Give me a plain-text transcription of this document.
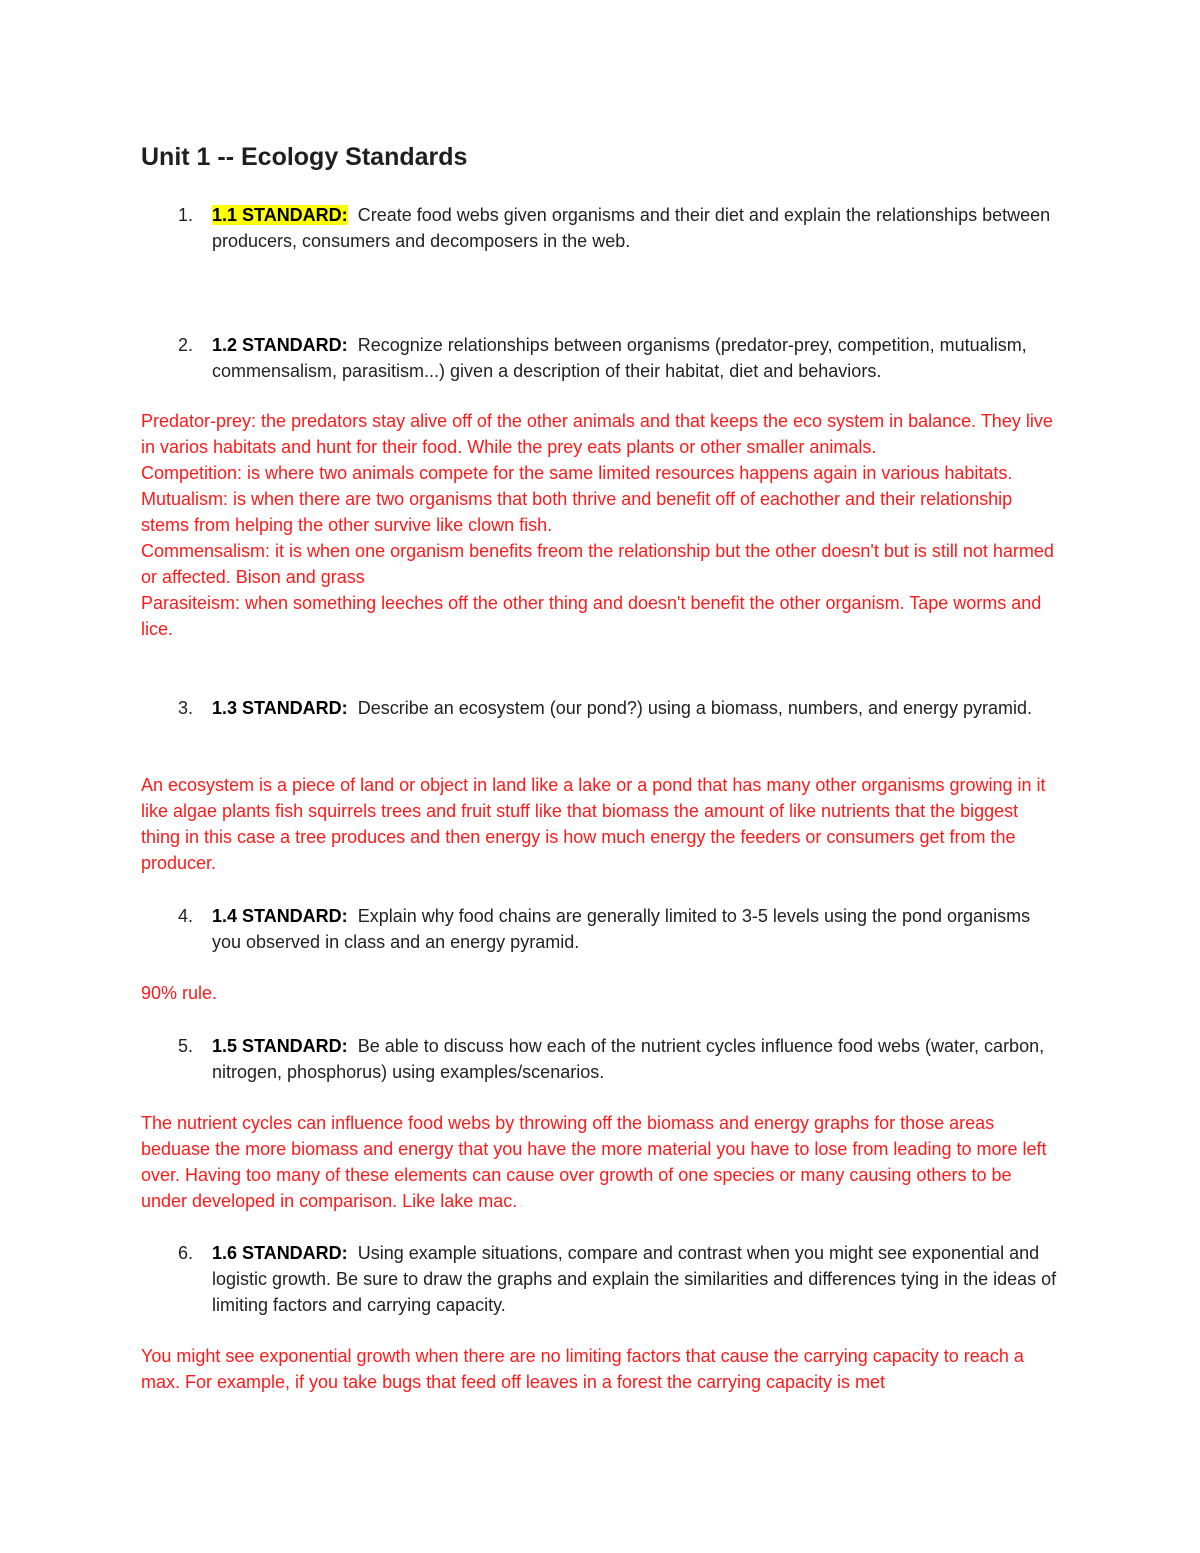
Unit 1 -- Ecology Standards
1. 1.1 STANDARD: Create food webs given organisms and their diet and explain the relationships between producers, consumers and decomposers in the web.
2. 1.2 STANDARD: Recognize relationships between organisms (predator-prey, competition, mutualism, commensalism, parasitism...) given a description of their habitat, diet and behaviors.
Predator-prey: the predators stay alive off of the other animals and that keeps the eco system in balance. They live in varios habitats and hunt for their food. While the prey eats plants or other smaller animals.
Competition: is where two animals compete for the same limited resources happens again in various habitats.
Mutualism: is when there are two organisms that both thrive and benefit off of eachother and their relationship stems from helping the other survive like clown fish.
Commensalism: it is when one organism benefits freom the relationship but the other doesn't but is still not harmed or affected. Bison and grass
Parasiteism: when something leeches off the other thing and doesn't benefit the other organism. Tape worms and lice.
3. 1.3 STANDARD: Describe an ecosystem (our pond?) using a biomass, numbers, and energy pyramid.

An ecosystem is a piece of land or object in land like a lake or a pond that has many other organisms growing in it like algae plants fish squirrels trees and fruit stuff like that biomass the amount of like nutrients that the biggest thing in this case a tree produces and then energy is how much energy the feeders or consumers get from the producer.

4. 1.4 STANDARD: Explain why food chains are generally limited to 3-5 levels using the pond organisms you observed in class and an energy pyramid.

90% rule.

5. 1.5 STANDARD: Be able to discuss how each of the nutrient cycles influence food webs (water, carbon, nitrogen, phosphorus) using examples/scenarios.

The nutrient cycles can influence food webs by throwing off the biomass and energy graphs for those areas beduase the more biomass and energy that you have the more material you have to lose from leading to more left over. Having too many of these elements can cause over growth of one species or many causing others to be under developed in comparison. Like lake mac.

6. 1.6 STANDARD: Using example situations, compare and contrast when you might see exponential and logistic growth. Be sure to draw the graphs and explain the similarities and differences tying in the ideas of limiting factors and carrying capacity.

You might see exponential growth when there are no limiting factors that cause the carrying capacity to reach a max. For example, if you take bugs that feed off leaves in a forest the carrying capacity is met
